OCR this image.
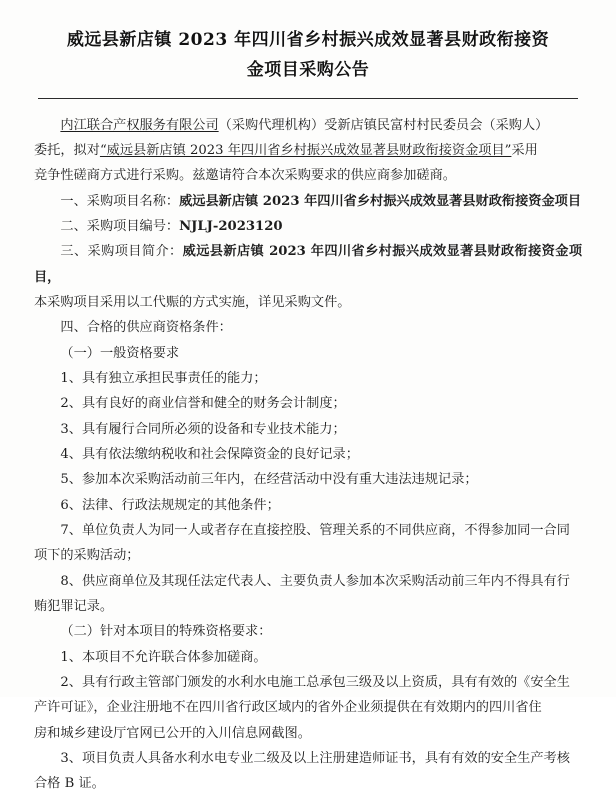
威远县新店镇 2023 年四川省乡村振兴成效显著县财政衔接资
金项目采购公告

内江联合产权服务有限公司（采购代理机构）受新店镇民富村村民委员会（采购人）

委托，拟对“威远县新店镇 2023 年四川省乡村振兴成效显著县财政衔接资金项目”采用

竞争性磋商方式进行采购。兹邀请符合本次采购要求的供应商参加磋商。

一、采购项目名称：威远县新店镇 2023 年四川省乡村振兴成效显著县财政衔接资金项目

二、采购项目编号：NJLJ-2023120

三、采购项目简介：威远县新店镇 2023 年四川省乡村振兴成效显著县财政衔接资金项目，

本采购项目采用以工代赈的方式实施，详见采购文件。

四、合格的供应商资格条件：

（一）一般资格要求

1、具有独立承担民事责任的能力；

2、具有良好的商业信誉和健全的财务会计制度；

3、具有履行合同所必须的设备和专业技术能力；

4、具有依法缴纳税收和社会保障资金的良好记录；

5、参加本次采购活动前三年内，在经营活动中没有重大违法违规记录；

6、法律、行政法规规定的其他条件；

7、单位负责人为同一人或者存在直接控股、管理关系的不同供应商，不得参加同一合同

项下的采购活动；

8、供应商单位及其现任法定代表人、主要负责人参加本次采购活动前三年内不得具有行

贿犯罪记录。

（二）针对本项目的特殊资格要求：

1、本项目不允许联合体参加磋商。

2、具有行政主管部门颁发的水利水电施工总承包三级及以上资质，具有有效的《安全生

产许可证》，企业注册地不在四川省行政区域内的省外企业须提供在有效期内的四川省住

房和城乡建设厅官网已公开的入川信息网截图。

3、项目负责人具备水利水电专业二级及以上注册建造师证书，具有有效的安全生产考核

合格 B 证。
